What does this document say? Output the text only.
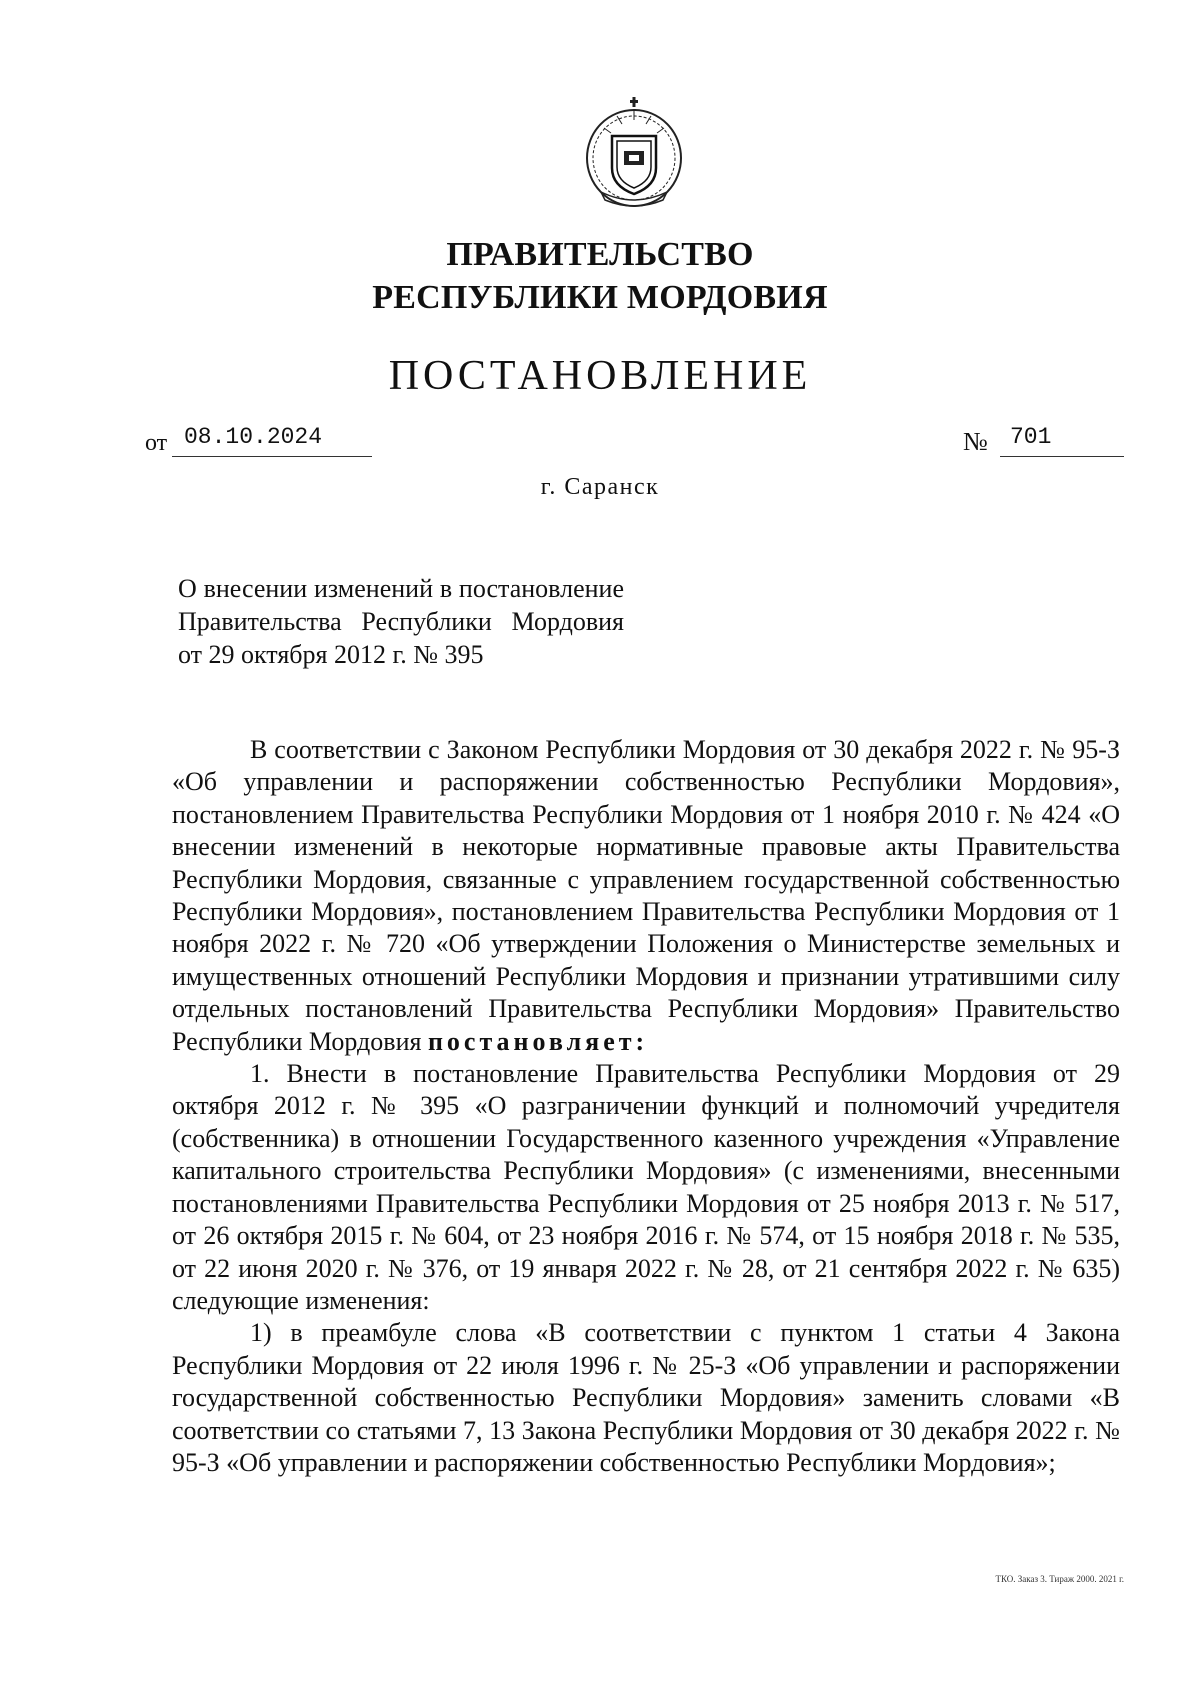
ПРАВИТЕЛЬСТВО
РЕСПУБЛИКИ МОРДОВИЯ
ПОСТАНОВЛЕНИЕ
от 08.10.2024	№ 701
г. Саранск
О внесении изменений в постановление Правительства Республики Мордовия от 29 октября 2012 г. № 395

В соответствии с Законом Республики Мордовия от 30 декабря 2022 г. № 95-З «Об управлении и распоряжении собственностью Республики Мордовия», постановлением Правительства Республики Мордовия от 1 ноября 2010 г. № 424 «О внесении изменений в некоторые нормативные правовые акты Правительства Республики Мордовия, связанные с управлением государственной собственностью Республики Мордовия», постановлением Правительства Республики Мордовия от 1 ноября 2022 г. № 720 «Об утверждении Положения о Министерстве земельных и имущественных отношений Республики Мордовия и признании утратившими силу отдельных постановлений Правительства Республики Мордовия» Правительство Республики Мордовия постановляет:

1. Внести в постановление Правительства Республики Мордовия от 29 октября 2012 г. № 395 «О разграничении функций и полномочий учредителя (собственника) в отношении Государственного казенного учреждения «Управление капитального строительства Республики Мордовия» (с изменениями, внесенными постановлениями Правительства Республики Мордовия от 25 ноября 2013 г. № 517, от 26 октября 2015 г. № 604, от 23 ноября 2016 г. № 574, от 15 ноября 2018 г. № 535, от 22 июня 2020 г. № 376, от 19 января 2022 г. № 28, от 21 сентября 2022 г. № 635) следующие изменения:

1) в преамбуле слова «В соответствии с пунктом 1 статьи 4 Закона Республики Мордовия от 22 июля 1996 г. № 25-З «Об управлении и распоряжении государственной собственностью Республики Мордовия» заменить словами «В соответствии со статьями 7, 13 Закона Республики Мордовия от 30 декабря 2022 г. № 95-З «Об управлении и распоряжении собственностью Республики Мордовия»;

ТКО. Заказ 3. Тираж 2000. 2021 г.
